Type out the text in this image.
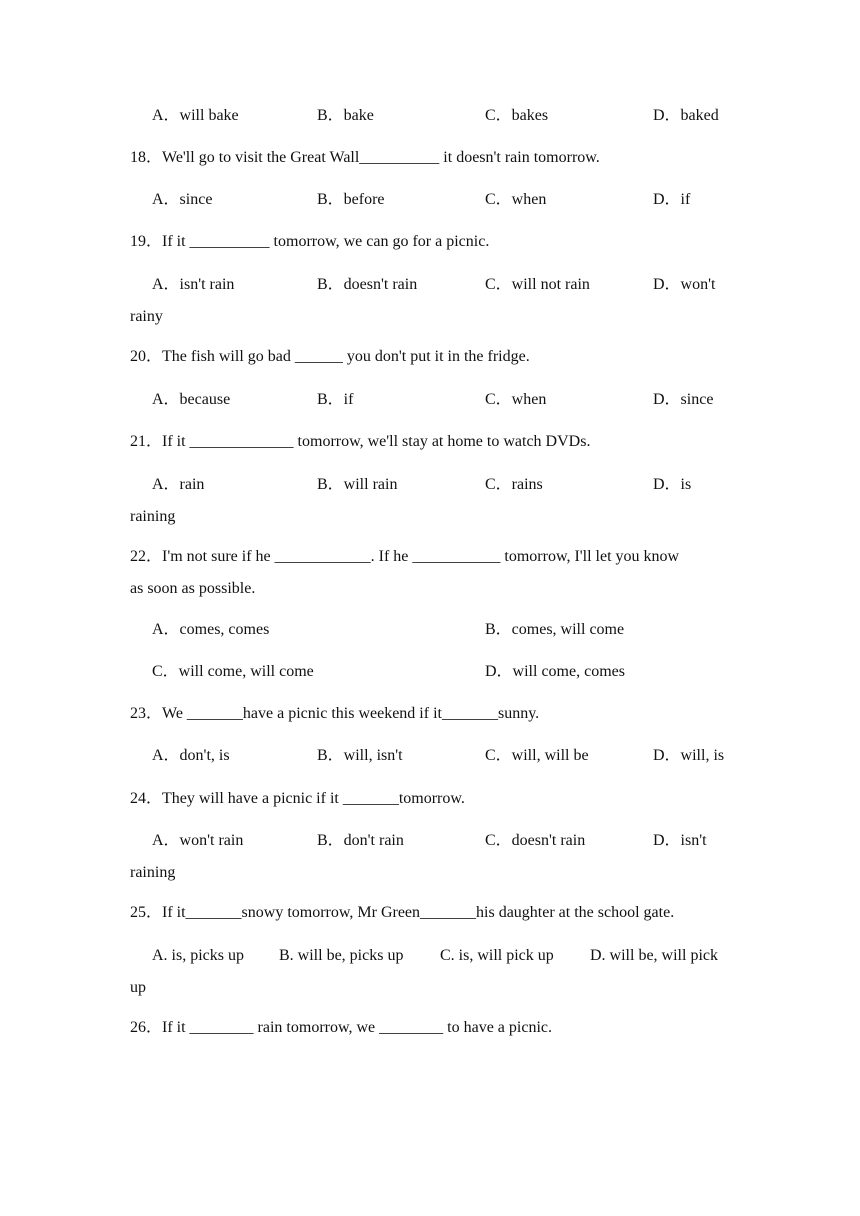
A．will bake	B．bake	C．bakes	D．baked
18．We'll go to visit the Great Wall__________ it doesn't rain tomorrow.
A．since	B．before	C．when	D．if
19．If it __________ tomorrow, we can go for a picnic.
A．isn't rain	B．doesn't rain	C．will not rain	D．won't
rainy
20．The fish will go bad ______ you don't put it in the fridge.
A．because	B．if	C．when	D．since
21．If it _____________ tomorrow, we'll stay at home to watch DVDs.
A．rain	B．will rain	C．rains	D．is
raining
22．I'm not sure if he ____________. If he ___________ tomorrow, I'll let you know
as soon as possible.
A．comes, comes	B．comes, will come
C．will come, will come	D．will come, comes
23．We _______have a picnic this weekend if it_______sunny.
A．don't, is	B．will, isn't	C．will, will be	D．will, is
24．They will have a picnic if it _______tomorrow.
A．won't rain	B．don't rain	C．doesn't rain	D．isn't
raining
25．If it_______snowy tomorrow, Mr Green_______his daughter at the school gate.
A. is, picks up B. will be, picks up C. is, will pick up D. will be, will pick
up
26．If it ________ rain tomorrow, we ________ to have a picnic.
